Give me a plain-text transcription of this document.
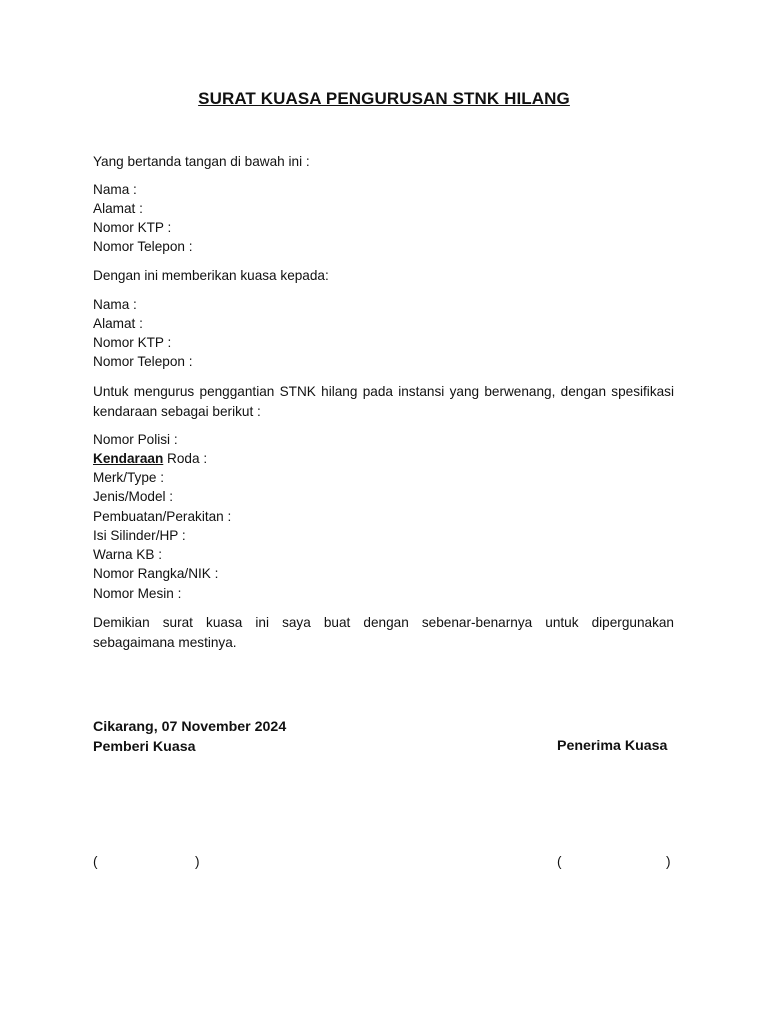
SURAT KUASA PENGURUSAN STNK HILANG
Yang bertanda tangan di bawah ini :
Nama :
Alamat :
Nomor KTP :
Nomor Telepon :
Dengan ini memberikan kuasa kepada:
Nama :
Alamat :
Nomor KTP :
Nomor Telepon :
Untuk mengurus penggantian STNK hilang pada instansi yang berwenang, dengan spesifikasi kendaraan sebagai berikut :
Nomor Polisi :
Kendaraan Roda :
Merk/Type :
Jenis/Model :
Pembuatan/Perakitan :
Isi Silinder/HP :
Warna KB :
Nomor Rangka/NIK :
Nomor Mesin :
Demikian surat kuasa ini saya buat dengan sebenar-benarnya untuk dipergunakan sebagaimana mestinya.
Cikarang, 07 November 2024
Pemberi Kuasa	Penerima Kuasa
(	)	(	)
